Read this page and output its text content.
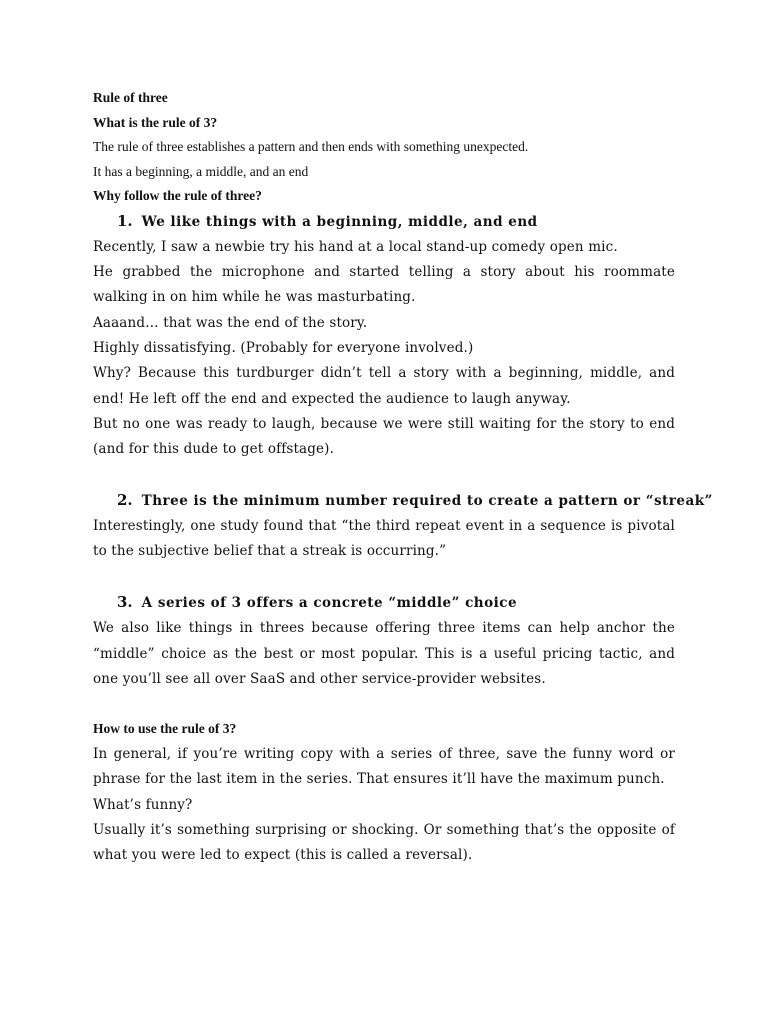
Rule of three

What is the rule of 3?

The rule of three establishes a pattern and then ends with something unexpected.

It has a beginning, a middle, and an end

Why follow the rule of three?

1. We like things with a beginning, middle, and end

Recently, I saw a newbie try his hand at a local stand-up comedy open mic.

He grabbed the microphone and started telling a story about his roommate walking in on him while he was masturbating.

Aaaand… that was the end of the story.

Highly dissatisfying. (Probably for everyone involved.)

Why? Because this turdburger didn’t tell a story with a beginning, middle, and end! He left off the end and expected the audience to laugh anyway.

But no one was ready to laugh, because we were still waiting for the story to end (and for this dude to get offstage).

2. Three is the minimum number required to create a pattern or “streak”

Interestingly, one study found that “the third repeat event in a sequence is pivotal to the subjective belief that a streak is occurring.”

3. A series of 3 offers a concrete “middle” choice

We also like things in threes because offering three items can help anchor the “middle” choice as the best or most popular. This is a useful pricing tactic, and one you’ll see all over SaaS and other service-provider websites.

How to use the rule of 3?

In general, if you’re writing copy with a series of three, save the funny word or phrase for the last item in the series. That ensures it’ll have the maximum punch.

What’s funny?

Usually it’s something surprising or shocking. Or something that’s the opposite of what you were led to expect (this is called a reversal).
